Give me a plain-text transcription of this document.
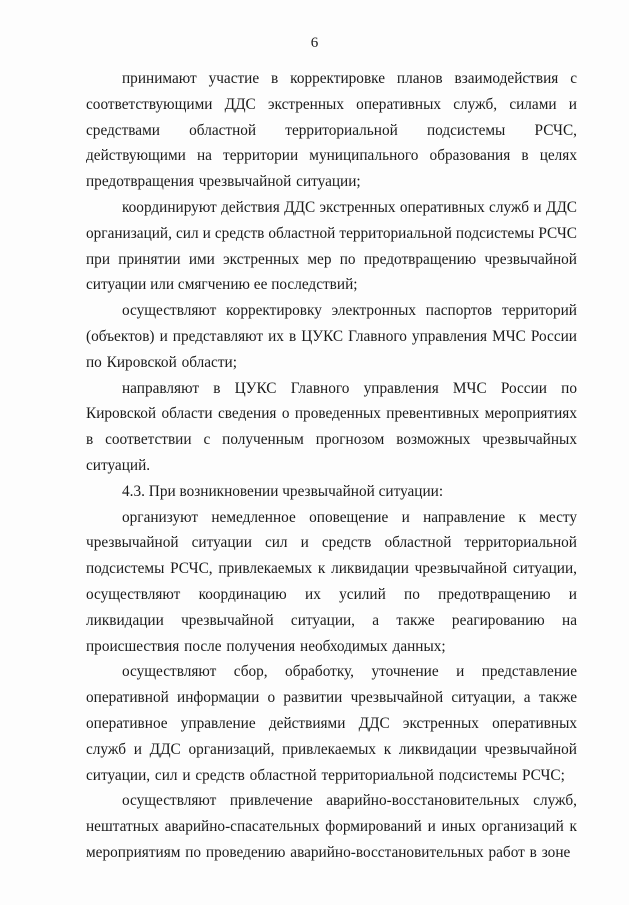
6

принимают участие в корректировке планов взаимодействия с соответствующими ДДС экстренных оперативных служб, силами и средствами областной территориальной подсистемы РСЧС, действующими на территории муниципального образования в целях предотвращения чрезвычайной ситуации;

координируют действия ДДС экстренных оперативных служб и ДДС организаций, сил и средств областной территориальной подсистемы РСЧС при принятии ими экстренных мер по предотвращению чрезвычайной ситуации или смягчению ее последствий;

осуществляют корректировку электронных паспортов территорий (объектов) и представляют их в ЦУКС Главного управления МЧС России по Кировской области;

направляют в ЦУКС Главного управления МЧС России по Кировской области сведения о проведенных превентивных мероприятиях в соответствии с полученным прогнозом возможных чрезвычайных ситуаций.

4.3. При возникновении чрезвычайной ситуации:

организуют немедленное оповещение и направление к месту чрезвычайной ситуации сил и средств областной территориальной подсистемы РСЧС, привлекаемых к ликвидации чрезвычайной ситуации, осуществляют координацию их усилий по предотвращению и ликвидации чрезвычайной ситуации, а также реагированию на происшествия после получения необходимых данных;

осуществляют сбор, обработку, уточнение и представление оперативной информации о развитии чрезвычайной ситуации, а также оперативное управление действиями ДДС экстренных оперативных служб и ДДС организаций, привлекаемых к ликвидации чрезвычайной ситуации, сил и средств областной территориальной подсистемы РСЧС;

осуществляют привлечение аварийно-восстановительных служб, нештатных аварийно-спасательных формирований и иных организаций к мероприятиям по проведению аварийно-восстановительных работ в зоне
